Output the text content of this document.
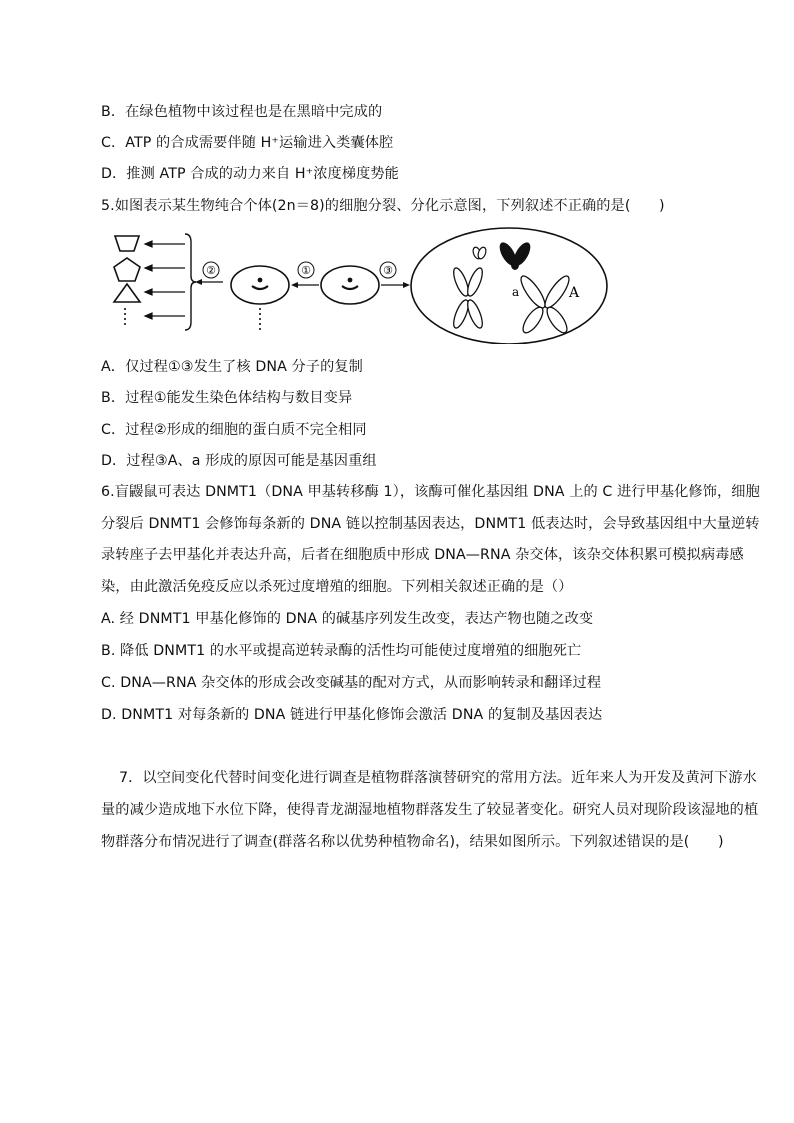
B．在绿色植物中该过程也是在黑暗中完成的
C．ATP 的合成需要伴随 H⁺运输进入类囊体腔
D．推测 ATP 合成的动力来自 H⁺浓度梯度势能
5.如图表示某生物纯合个体(2n＝8)的细胞分裂、分化示意图，下列叙述不正确的是(　　)
②	①	③
a	A
A．仅过程①③发生了核 DNA 分子的复制
B．过程①能发生染色体结构与数目变异
C．过程②形成的细胞的蛋白质不完全相同
D．过程③A、a 形成的原因可能是基因重组
6.盲鼹鼠可表达 DNMT1（DNA 甲基转移酶 1），该酶可催化基因组 DNA 上的 C 进行甲基化修饰，细胞
分裂后 DNMT1 会修饰每条新的 DNA 链以控制基因表达，DNMT1 低表达时，会导致基因组中大量逆转
录转座子去甲基化并表达升高，后者在细胞质中形成 DNA—RNA 杂交体，该杂交体积累可模拟病毒感
染，由此激活免疫反应以杀死过度增殖的细胞。下列相关叙述正确的是（）
A. 经 DNMT1 甲基化修饰的 DNA 的碱基序列发生改变，表达产物也随之改变
B. 降低 DNMT1 的水平或提高逆转录酶的活性均可能使过度增殖的细胞死亡
C. DNA—RNA 杂交体的形成会改变碱基的配对方式，从而影响转录和翻译过程
D. DNMT1 对每条新的 DNA 链进行甲基化修饰会激活 DNA 的复制及基因表达
7．以空间变化代替时间变化进行调查是植物群落演替研究的常用方法。近年来人为开发及黄河下游水
量的减少造成地下水位下降，使得青龙湖湿地植物群落发生了较显著变化。研究人员对现阶段该湿地的植
物群落分布情况进行了调查(群落名称以优势种植物命名)，结果如图所示。下列叙述错误的是(　　)
